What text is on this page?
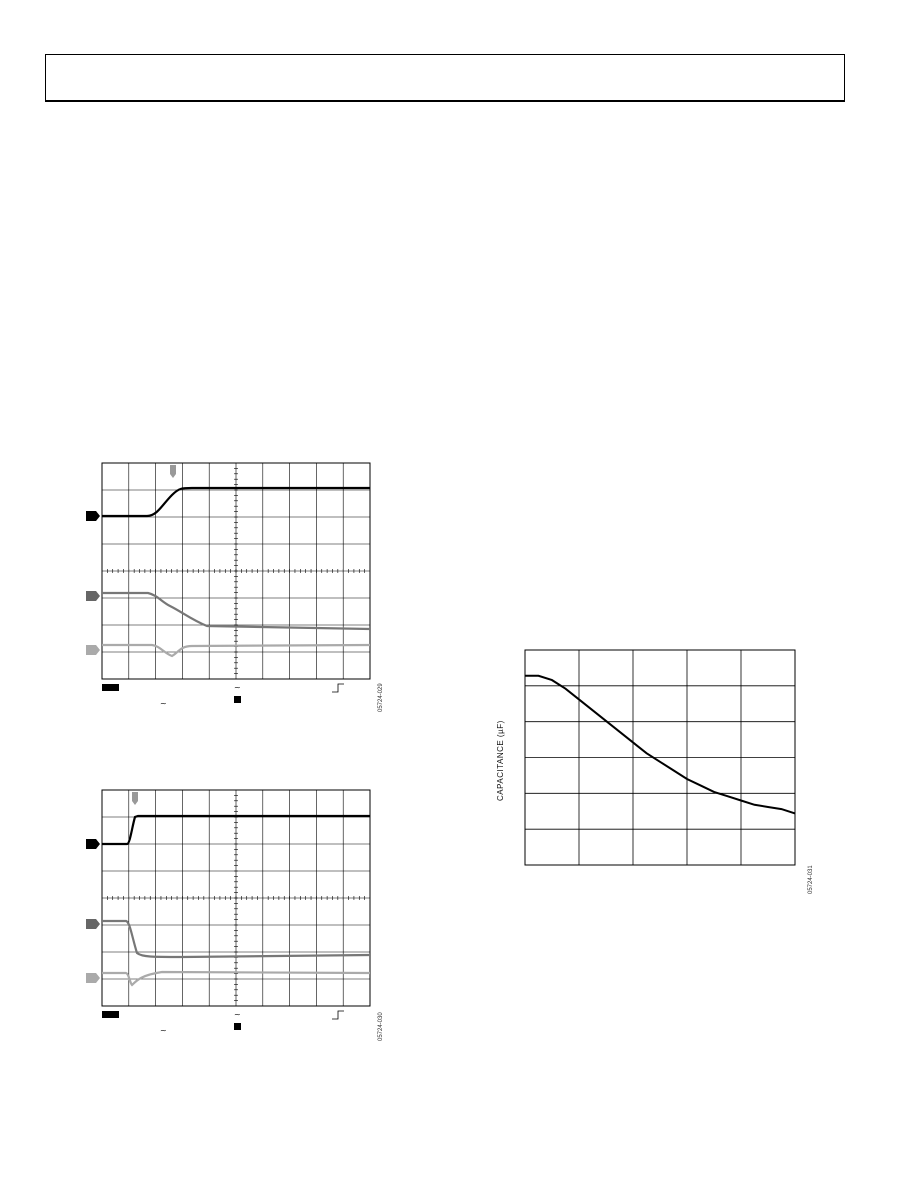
~
~	05724-029
~
~	05724-030
CAPACITANCE (µF)
05724-031
